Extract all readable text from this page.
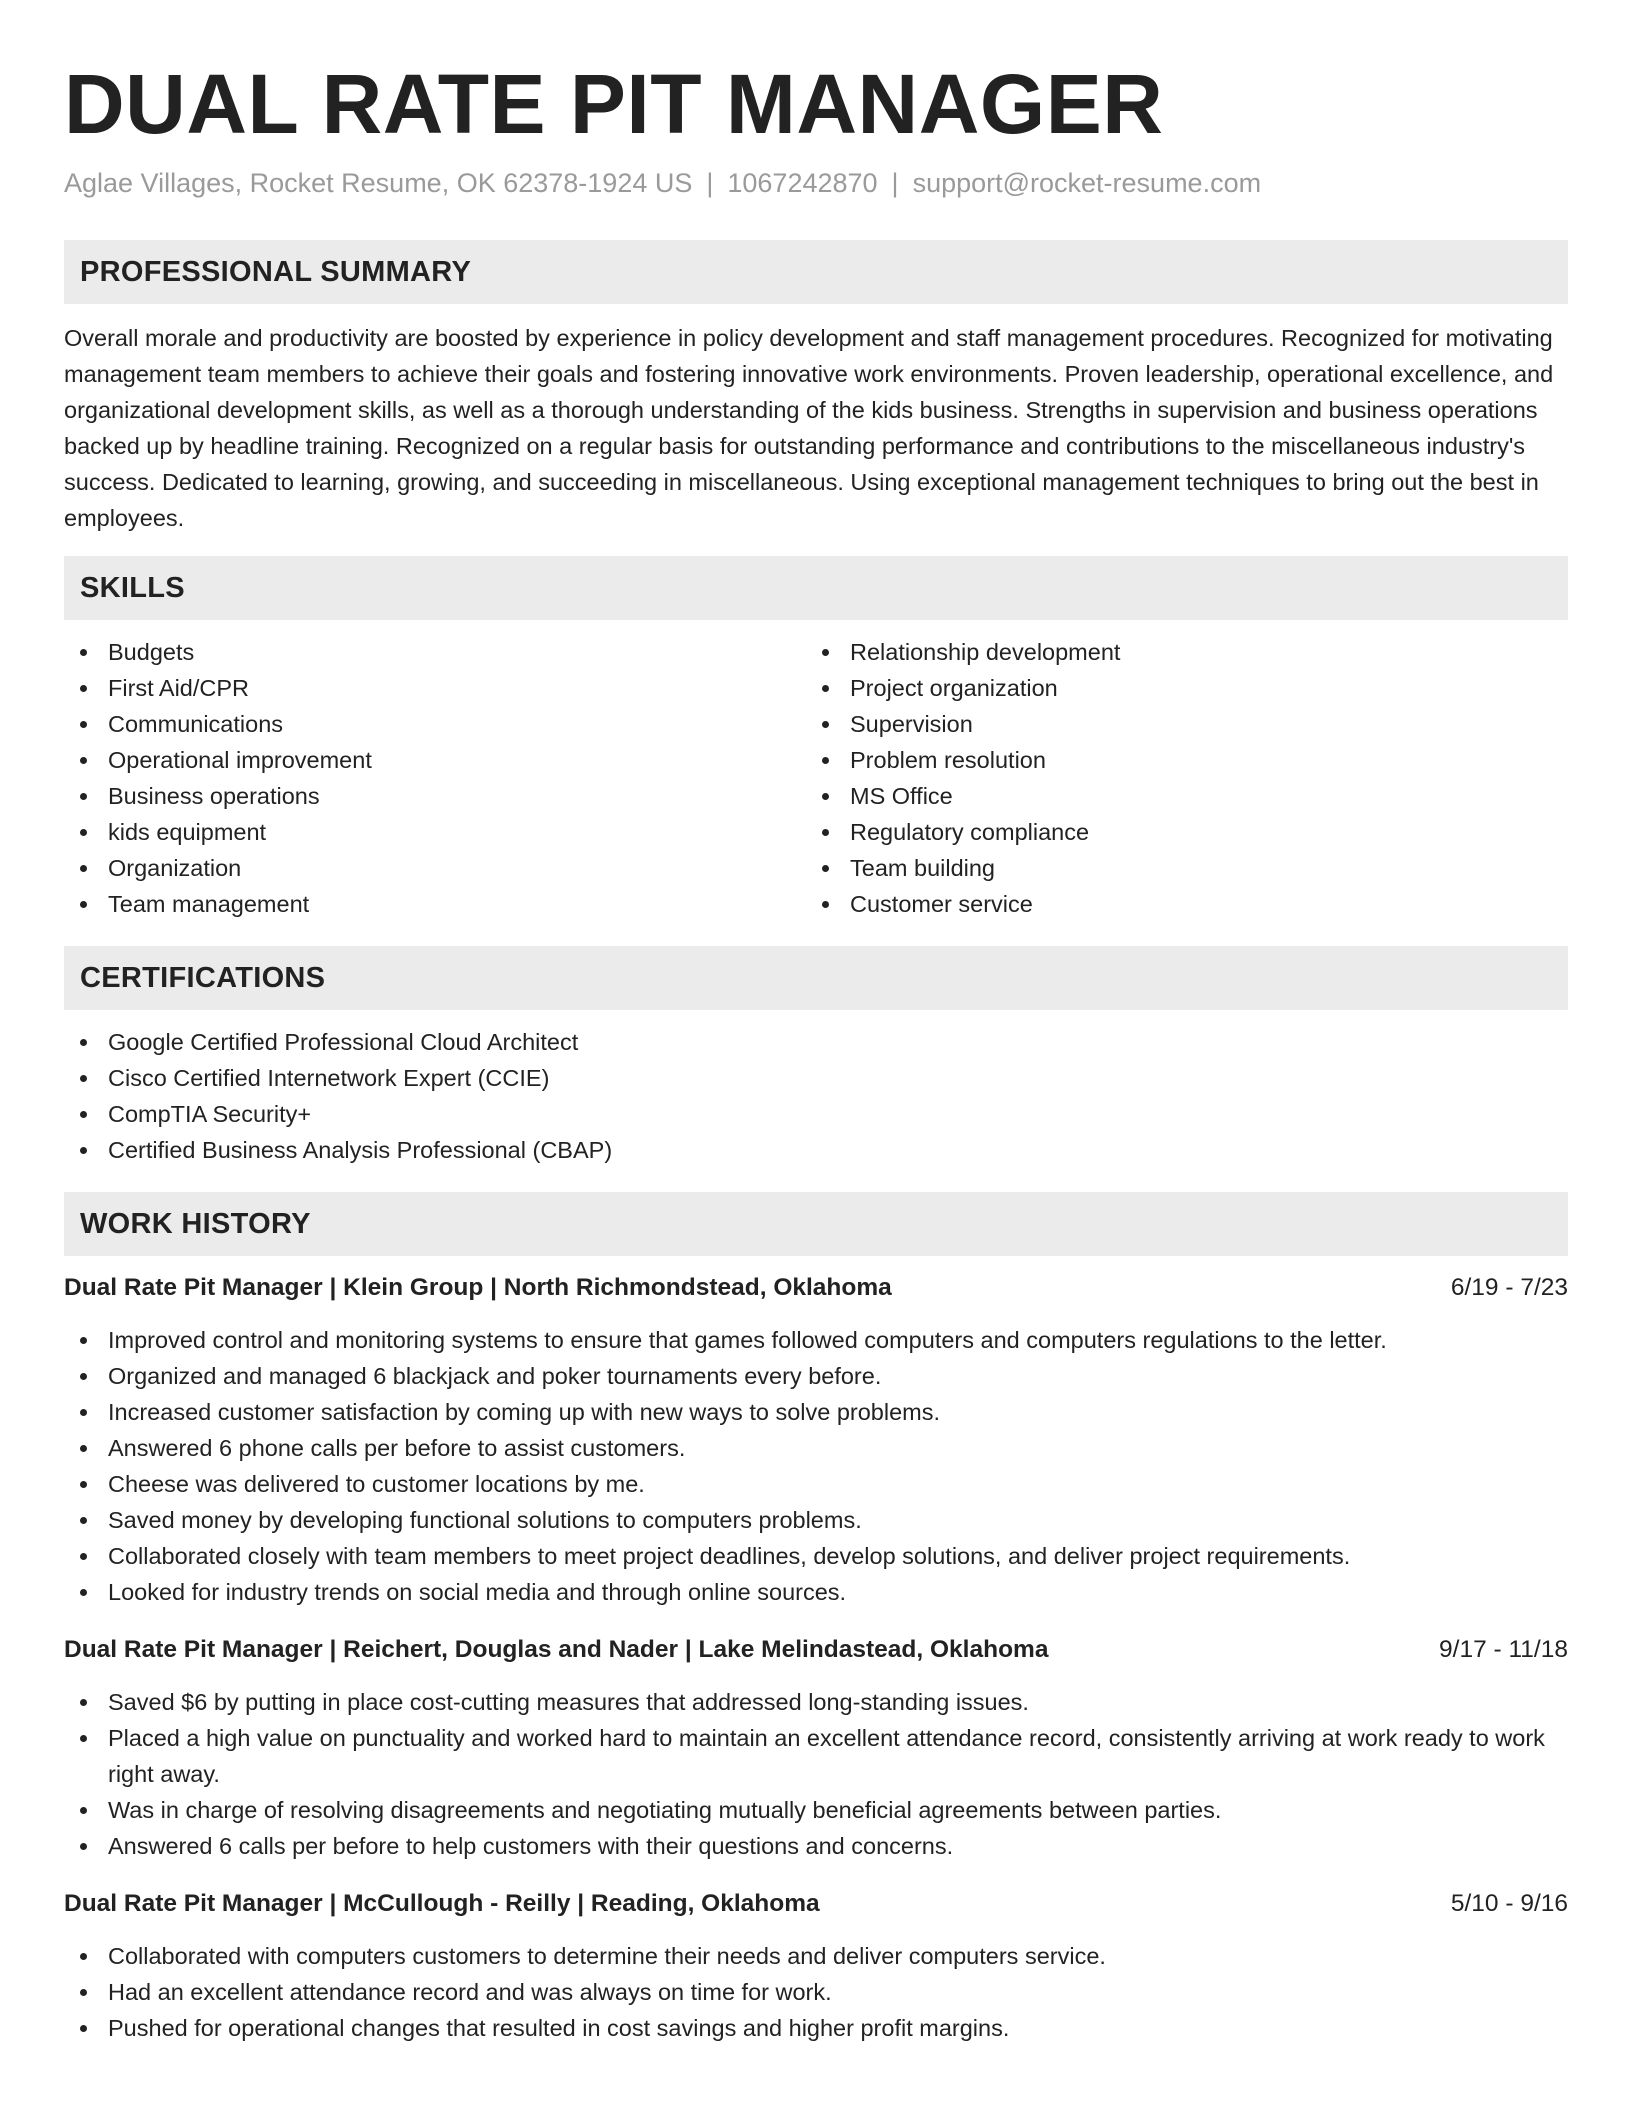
DUAL RATE PIT MANAGER
Aglae Villages, Rocket Resume, OK 62378-1924 US | 1067242870 | support@rocket-resume.com
PROFESSIONAL SUMMARY

Overall morale and productivity are boosted by experience in policy development and staff management procedures. Recognized for motivating management team members to achieve their goals and fostering innovative work environments. Proven leadership, operational excellence, and organizational development skills, as well as a thorough understanding of the kids business. Strengths in supervision and business operations backed up by headline training. Recognized on a regular basis for outstanding performance and contributions to the miscellaneous industry's success. Dedicated to learning, growing, and succeeding in miscellaneous. Using exceptional management techniques to bring out the best in employees.

SKILLS
Budgets
First Aid/CPR
Communications
Operational improvement
Business operations
kids equipment
Organization
Team management
Relationship development
Project organization
Supervision
Problem resolution
MS Office
Regulatory compliance
Team building
Customer service
CERTIFICATIONS
Google Certified Professional Cloud Architect
Cisco Certified Internetwork Expert (CCIE)
CompTIA Security+
Certified Business Analysis Professional (CBAP)
WORK HISTORY
Dual Rate Pit Manager | Klein Group | North Richmondstead, Oklahoma	6/19 - 7/23
Improved control and monitoring systems to ensure that games followed computers and computers regulations to the letter.
Organized and managed 6 blackjack and poker tournaments every before.
Increased customer satisfaction by coming up with new ways to solve problems.
Answered 6 phone calls per before to assist customers.
Cheese was delivered to customer locations by me.
Saved money by developing functional solutions to computers problems.
Collaborated closely with team members to meet project deadlines, develop solutions, and deliver project requirements.
Looked for industry trends on social media and through online sources.
Dual Rate Pit Manager | Reichert, Douglas and Nader | Lake Melindastead, Oklahoma	9/17 - 11/18
Saved $6 by putting in place cost-cutting measures that addressed long-standing issues.
Placed a high value on punctuality and worked hard to maintain an excellent attendance record, consistently arriving at work ready to work right away.
Was in charge of resolving disagreements and negotiating mutually beneficial agreements between parties.
Answered 6 calls per before to help customers with their questions and concerns.
Dual Rate Pit Manager | McCullough - Reilly | Reading, Oklahoma	5/10 - 9/16
Collaborated with computers customers to determine their needs and deliver computers service.
Had an excellent attendance record and was always on time for work.
Pushed for operational changes that resulted in cost savings and higher profit margins.
